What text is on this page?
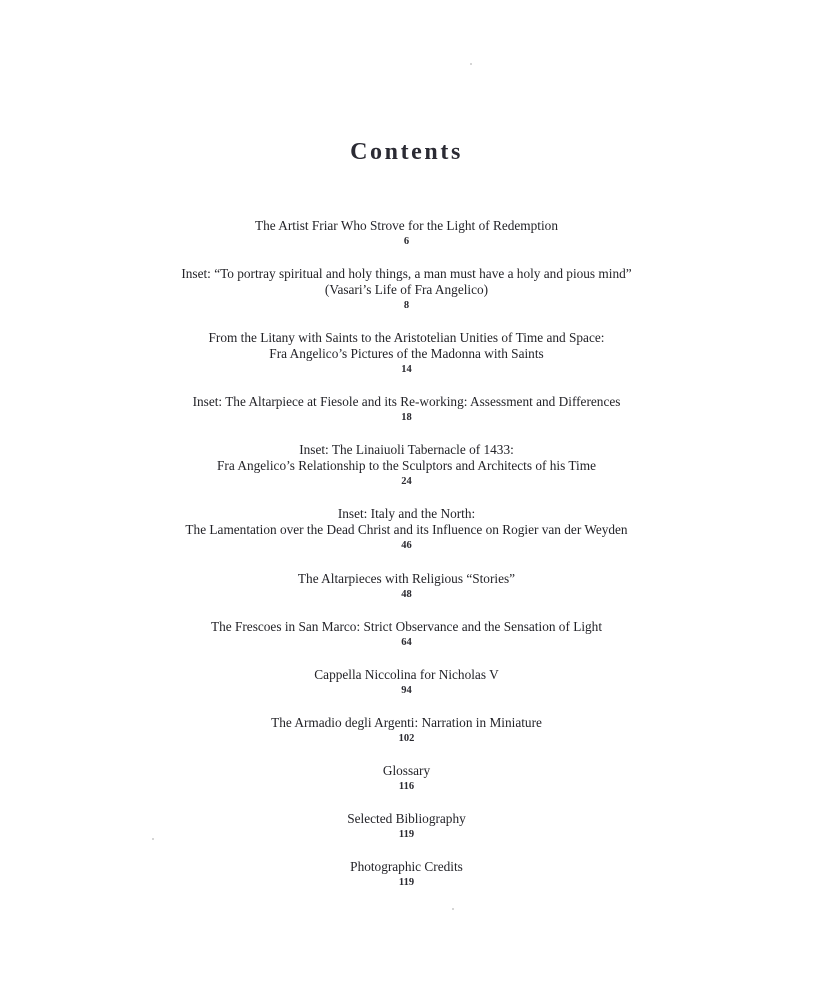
Contents
The Artist Friar Who Strove for the Light of Redemption
6
Inset: “To portray spiritual and holy things, a man must have a holy and pious mind”
(Vasari’s Life of Fra Angelico)
8
From the Litany with Saints to the Aristotelian Unities of Time and Space:
Fra Angelico’s Pictures of the Madonna with Saints
14
Inset: The Altarpiece at Fiesole and its Re-working: Assessment and Differences
18
Inset: The Linaiuoli Tabernacle of 1433:
Fra Angelico’s Relationship to the Sculptors and Architects of his Time
24
Inset: Italy and the North:
The Lamentation over the Dead Christ and its Influence on Rogier van der Weyden
46
The Altarpieces with Religious “Stories”
48
The Frescoes in San Marco: Strict Observance and the Sensation of Light
64
Cappella Niccolina for Nicholas V
94
The Armadio degli Argenti: Narration in Miniature
102
Glossary
116
Selected Bibliography
119
Photographic Credits
119
